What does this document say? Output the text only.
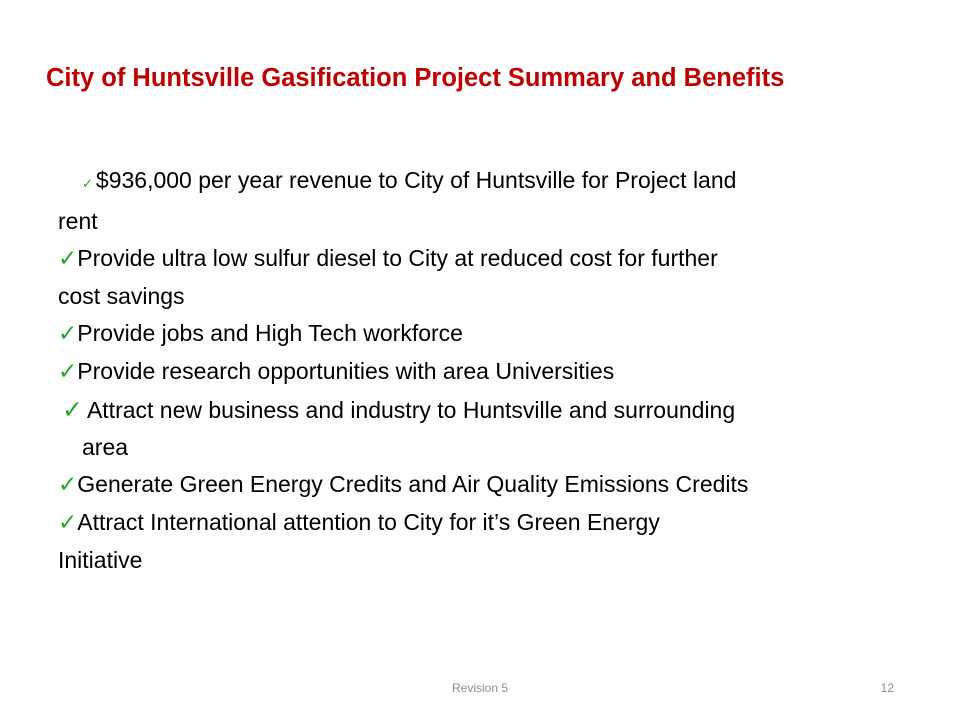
City of Huntsville Gasification Project Summary and Benefits

✓ $936,000 per year revenue to City of Huntsville for Project land
rent

✓Provide ultra low sulfur diesel to City at reduced cost for further
cost savings

✓Provide jobs and High Tech workforce

✓Provide research opportunities with area Universities

✓ Attract new business and industry to Huntsville and surrounding
area

✓Generate Green Energy Credits and Air Quality Emissions Credits

✓Attract International attention to City for it’s Green Energy
Initiative

Revision 5	12
